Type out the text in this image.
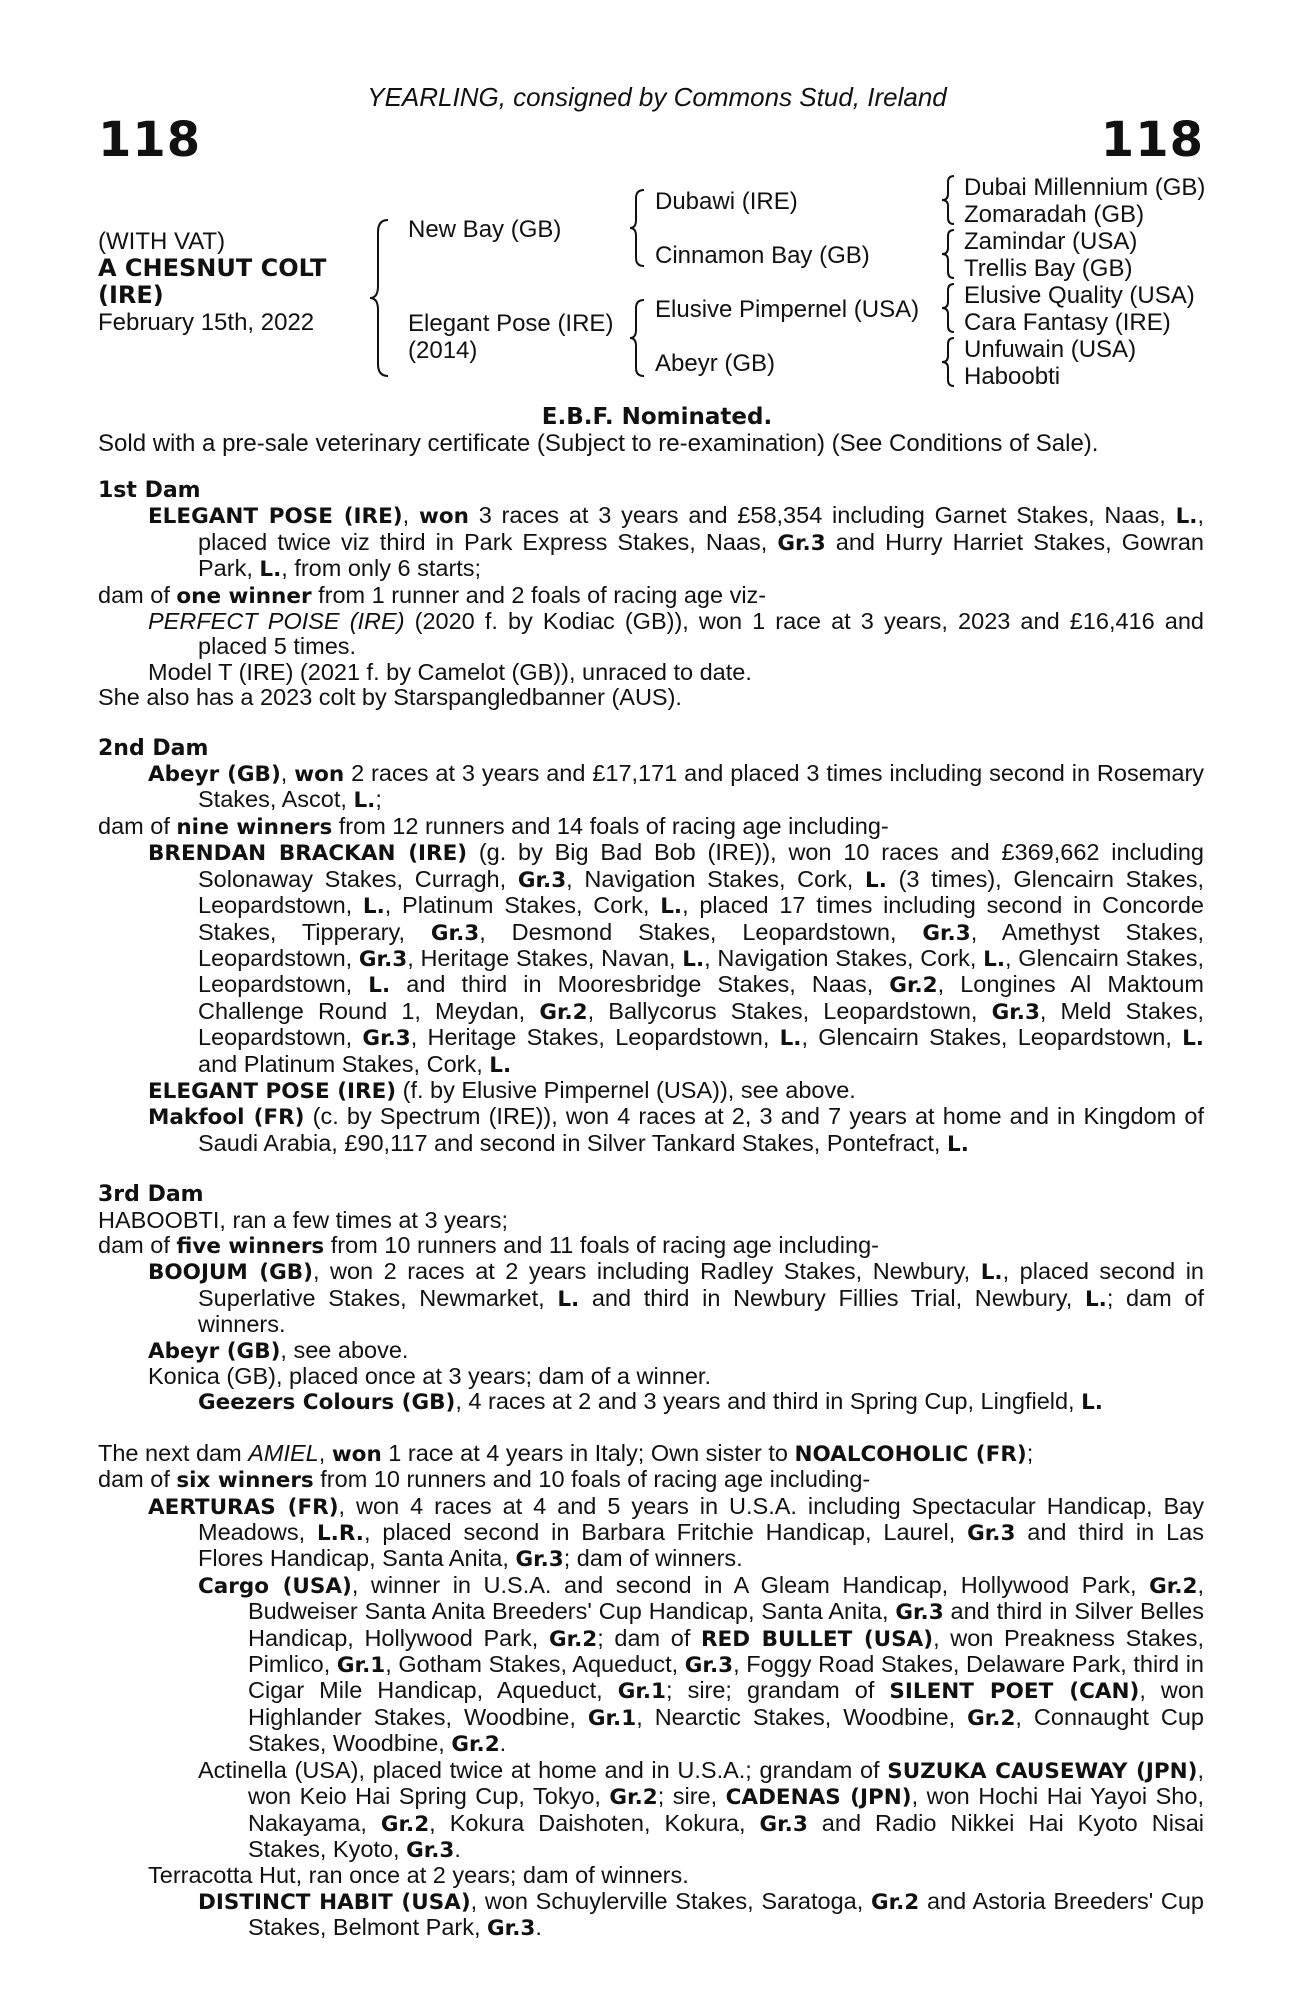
YEARLING, consigned by Commons Stud, Ireland
118	118
(WITH VAT)
A CHESNUT COLT
(IRE)
February 15th, 2022
New Bay (GB)
Elegant Pose (IRE)
(2014)
Dubawi (IRE)
Cinnamon Bay (GB)
Elusive Pimpernel (USA)
Abeyr (GB)
Dubai Millennium (GB)
Zomaradah (GB)
Zamindar (USA)
Trellis Bay (GB)
Elusive Quality (USA)
Cara Fantasy (IRE)
Unfuwain (USA)
Haboobti
E.B.F. Nominated.
Sold with a pre-sale veterinary certificate (Subject to re-examination) (See Conditions of Sale).

1st Dam

ELEGANT POSE (IRE), won 3 races at 3 years and £58,354 including Garnet Stakes, Naas, L., placed twice viz third in Park Express Stakes, Naas, Gr.3 and Hurry Harriet Stakes, Gowran Park, L., from only 6 starts;

dam of one winner from 1 runner and 2 foals of racing age viz-

PERFECT POISE (IRE) (2020 f. by Kodiac (GB)), won 1 race at 3 years, 2023 and £16,416 and placed 5 times.

Model T (IRE) (2021 f. by Camelot (GB)), unraced to date.

She also has a 2023 colt by Starspangledbanner (AUS).

2nd Dam

Abeyr (GB), won 2 races at 3 years and £17,171 and placed 3 times including second in Rosemary Stakes, Ascot, L.;

dam of nine winners from 12 runners and 14 foals of racing age including-

BRENDAN BRACKAN (IRE) (g. by Big Bad Bob (IRE)), won 10 races and £369,662 including Solonaway Stakes, Curragh, Gr.3, Navigation Stakes, Cork, L. (3 times), Glencairn Stakes, Leopardstown, L., Platinum Stakes, Cork, L., placed 17 times including second in Concorde Stakes, Tipperary, Gr.3, Desmond Stakes, Leopardstown, Gr.3, Amethyst Stakes, Leopardstown, Gr.3, Heritage Stakes, Navan, L., Navigation Stakes, Cork, L., Glencairn Stakes, Leopardstown, L. and third in Mooresbridge Stakes, Naas, Gr.2, Longines Al Maktoum Challenge Round 1, Meydan, Gr.2, Ballycorus Stakes, Leopardstown, Gr.3, Meld Stakes, Leopardstown, Gr.3, Heritage Stakes, Leopardstown, L., Glencairn Stakes, Leopardstown, L. and Platinum Stakes, Cork, L.

ELEGANT POSE (IRE) (f. by Elusive Pimpernel (USA)), see above.

Makfool (FR) (c. by Spectrum (IRE)), won 4 races at 2, 3 and 7 years at home and in Kingdom of Saudi Arabia, £90,117 and second in Silver Tankard Stakes, Pontefract, L.

3rd Dam

HABOOBTI, ran a few times at 3 years;

dam of five winners from 10 runners and 11 foals of racing age including-

BOOJUM (GB), won 2 races at 2 years including Radley Stakes, Newbury, L., placed second in Superlative Stakes, Newmarket, L. and third in Newbury Fillies Trial, Newbury, L.; dam of winners.

Abeyr (GB), see above.

Konica (GB), placed once at 3 years; dam of a winner.

Geezers Colours (GB), 4 races at 2 and 3 years and third in Spring Cup, Lingfield, L.

The next dam AMIEL, won 1 race at 4 years in Italy; Own sister to NOALCOHOLIC (FR);

dam of six winners from 10 runners and 10 foals of racing age including-

AERTURAS (FR), won 4 races at 4 and 5 years in U.S.A. including Spectacular Handicap, Bay Meadows, L.R., placed second in Barbara Fritchie Handicap, Laurel, Gr.3 and third in Las Flores Handicap, Santa Anita, Gr.3; dam of winners.

Cargo (USA), winner in U.S.A. and second in A Gleam Handicap, Hollywood Park, Gr.2, Budweiser Santa Anita Breeders' Cup Handicap, Santa Anita, Gr.3 and third in Silver Belles Handicap, Hollywood Park, Gr.2; dam of RED BULLET (USA), won Preakness Stakes, Pimlico, Gr.1, Gotham Stakes, Aqueduct, Gr.3, Foggy Road Stakes, Delaware Park, third in Cigar Mile Handicap, Aqueduct, Gr.1; sire; grandam of SILENT POET (CAN), won Highlander Stakes, Woodbine, Gr.1, Nearctic Stakes, Woodbine, Gr.2, Connaught Cup Stakes, Woodbine, Gr.2.

Actinella (USA), placed twice at home and in U.S.A.; grandam of SUZUKA CAUSEWAY (JPN), won Keio Hai Spring Cup, Tokyo, Gr.2; sire, CADENAS (JPN), won Hochi Hai Yayoi Sho, Nakayama, Gr.2, Kokura Daishoten, Kokura, Gr.3 and Radio Nikkei Hai Kyoto Nisai Stakes, Kyoto, Gr.3.

Terracotta Hut, ran once at 2 years; dam of winners.

DISTINCT HABIT (USA), won Schuylerville Stakes, Saratoga, Gr.2 and Astoria Breeders' Cup Stakes, Belmont Park, Gr.3.
